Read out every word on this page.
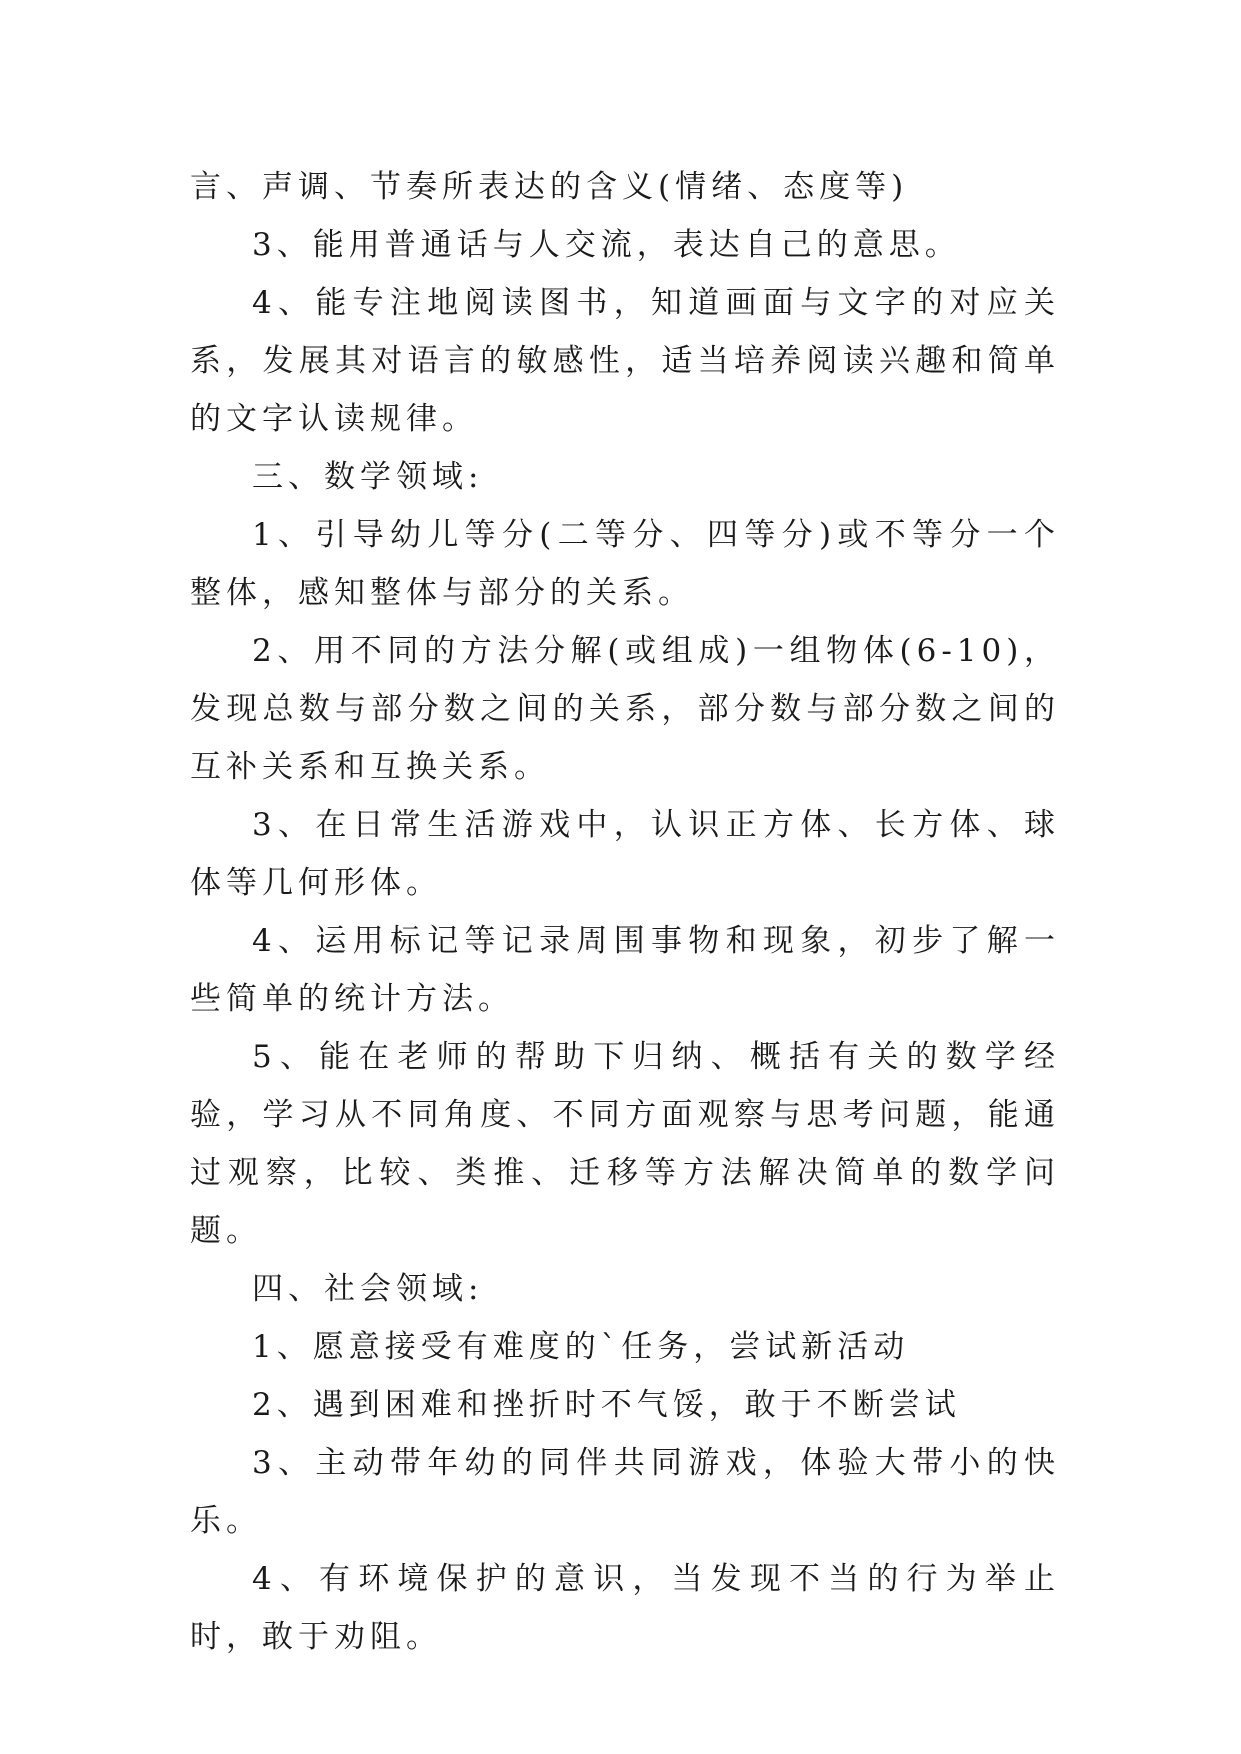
言、声调、节奏所表达的含义(情绪、态度等)

3、能用普通话与人交流，表达自己的意思。

4、能专注地阅读图书，知道画面与文字的对应关系，发展其对语言的敏感性，适当培养阅读兴趣和简单的文字认读规律。

三、数学领域:

1、引导幼儿等分(二等分、四等分)或不等分一个整体，感知整体与部分的关系。

2、用不同的方法分解(或组成)一组物体(6-10)，发现总数与部分数之间的关系，部分数与部分数之间的互补关系和互换关系。

3、在日常生活游戏中，认识正方体、长方体、球体等几何形体。

4、运用标记等记录周围事物和现象，初步了解一些简单的统计方法。

5、能在老师的帮助下归纳、概括有关的数学经验，学习从不同角度、不同方面观察与思考问题，能通过观察，比较、类推、迁移等方法解决简单的数学问题。

四、社会领域:

1、愿意接受有难度的`任务，尝试新活动

2、遇到困难和挫折时不气馁，敢于不断尝试

3、主动带年幼的同伴共同游戏，体验大带小的快乐。

4、有环境保护的意识，当发现不当的行为举止时，敢于劝阻。
